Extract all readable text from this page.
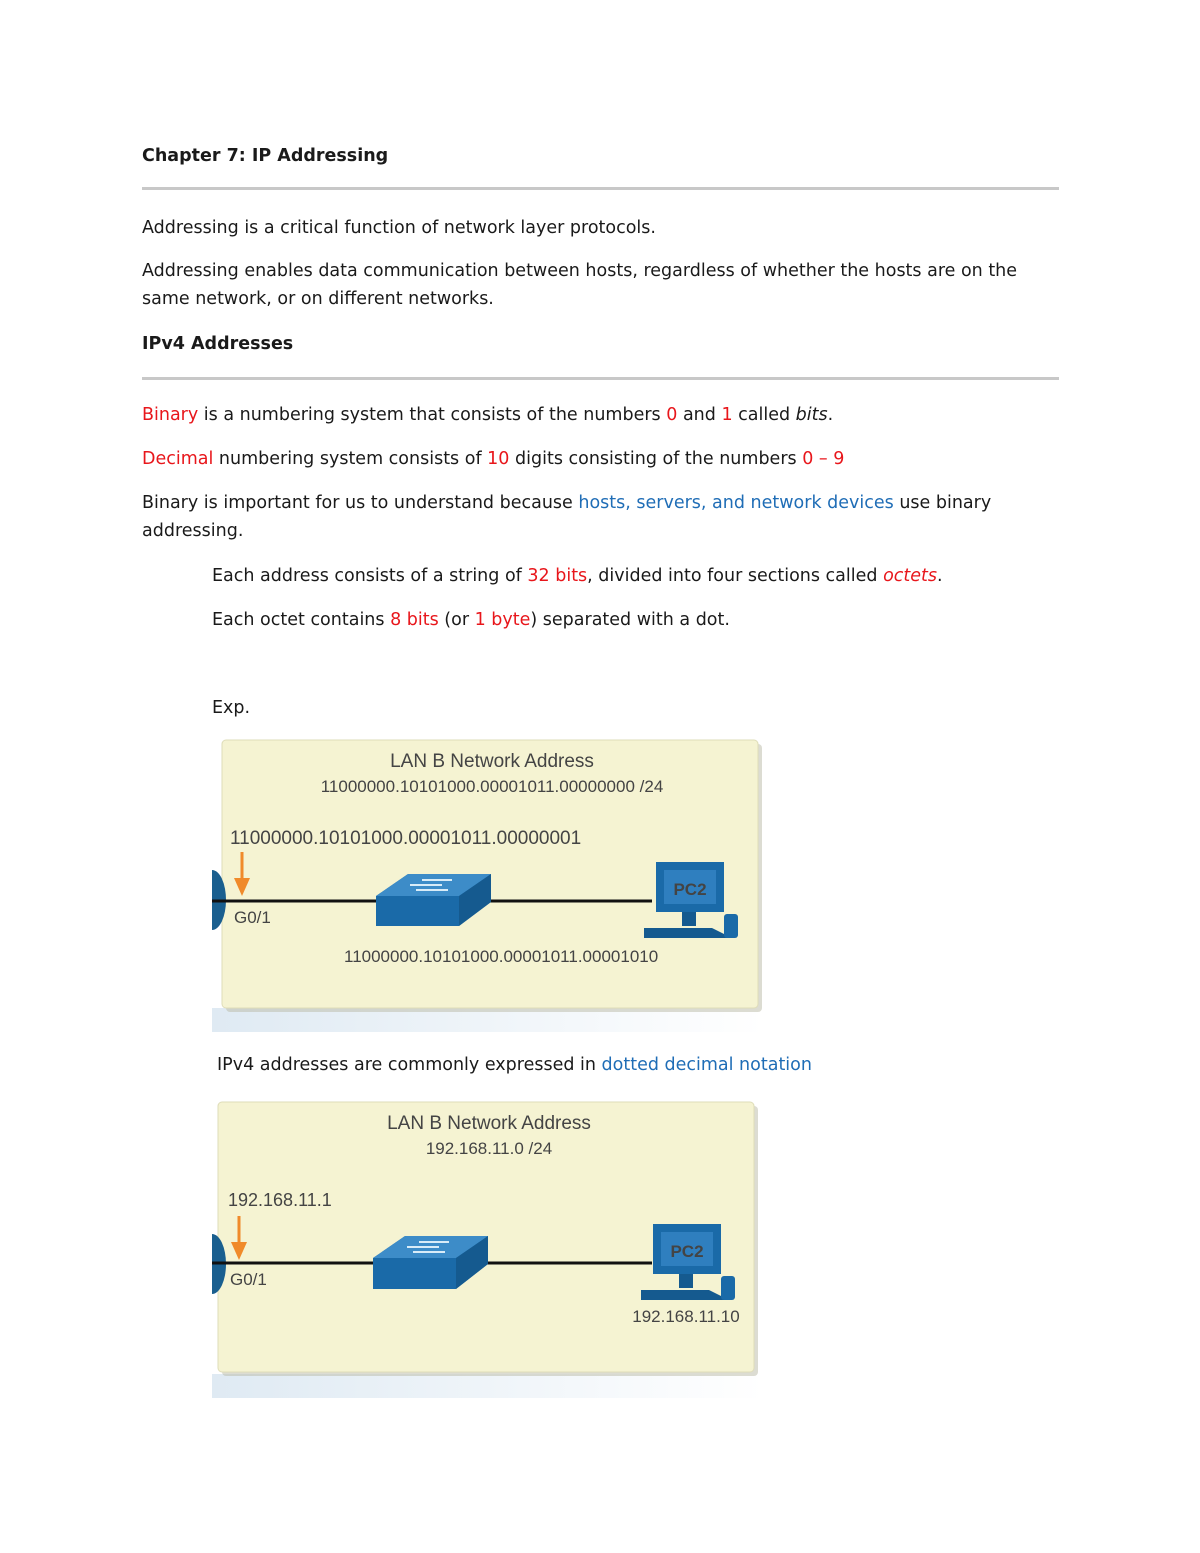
Chapter 7: IP Addressing
Addressing is a critical function of network layer protocols.
Addressing enables data communication between hosts, regardless of whether the hosts are on the
same network, or on different networks.
IPv4 Addresses
Binary is a numbering system that consists of the numbers 0 and 1 called bits.
Decimal numbering system consists of 10 digits consisting of the numbers 0 – 9
Binary is important for us to understand because hosts, servers, and network devices use binary
addressing.
Each address consists of a string of 32 bits, divided into four sections called octets.
Each octet contains 8 bits (or 1 byte) separated with a dot.
Exp.
LAN B Network Address
11000000.10101000.00001011.00000000 /24
11000000.10101000.00001011.00000001
G0/1
PC2
11000000.10101000.00001011.00001010
IPv4 addresses are commonly expressed in dotted decimal notation
LAN B Network Address
192.168.11.0 /24
192.168.11.1
G0/1
PC2
192.168.11.10
